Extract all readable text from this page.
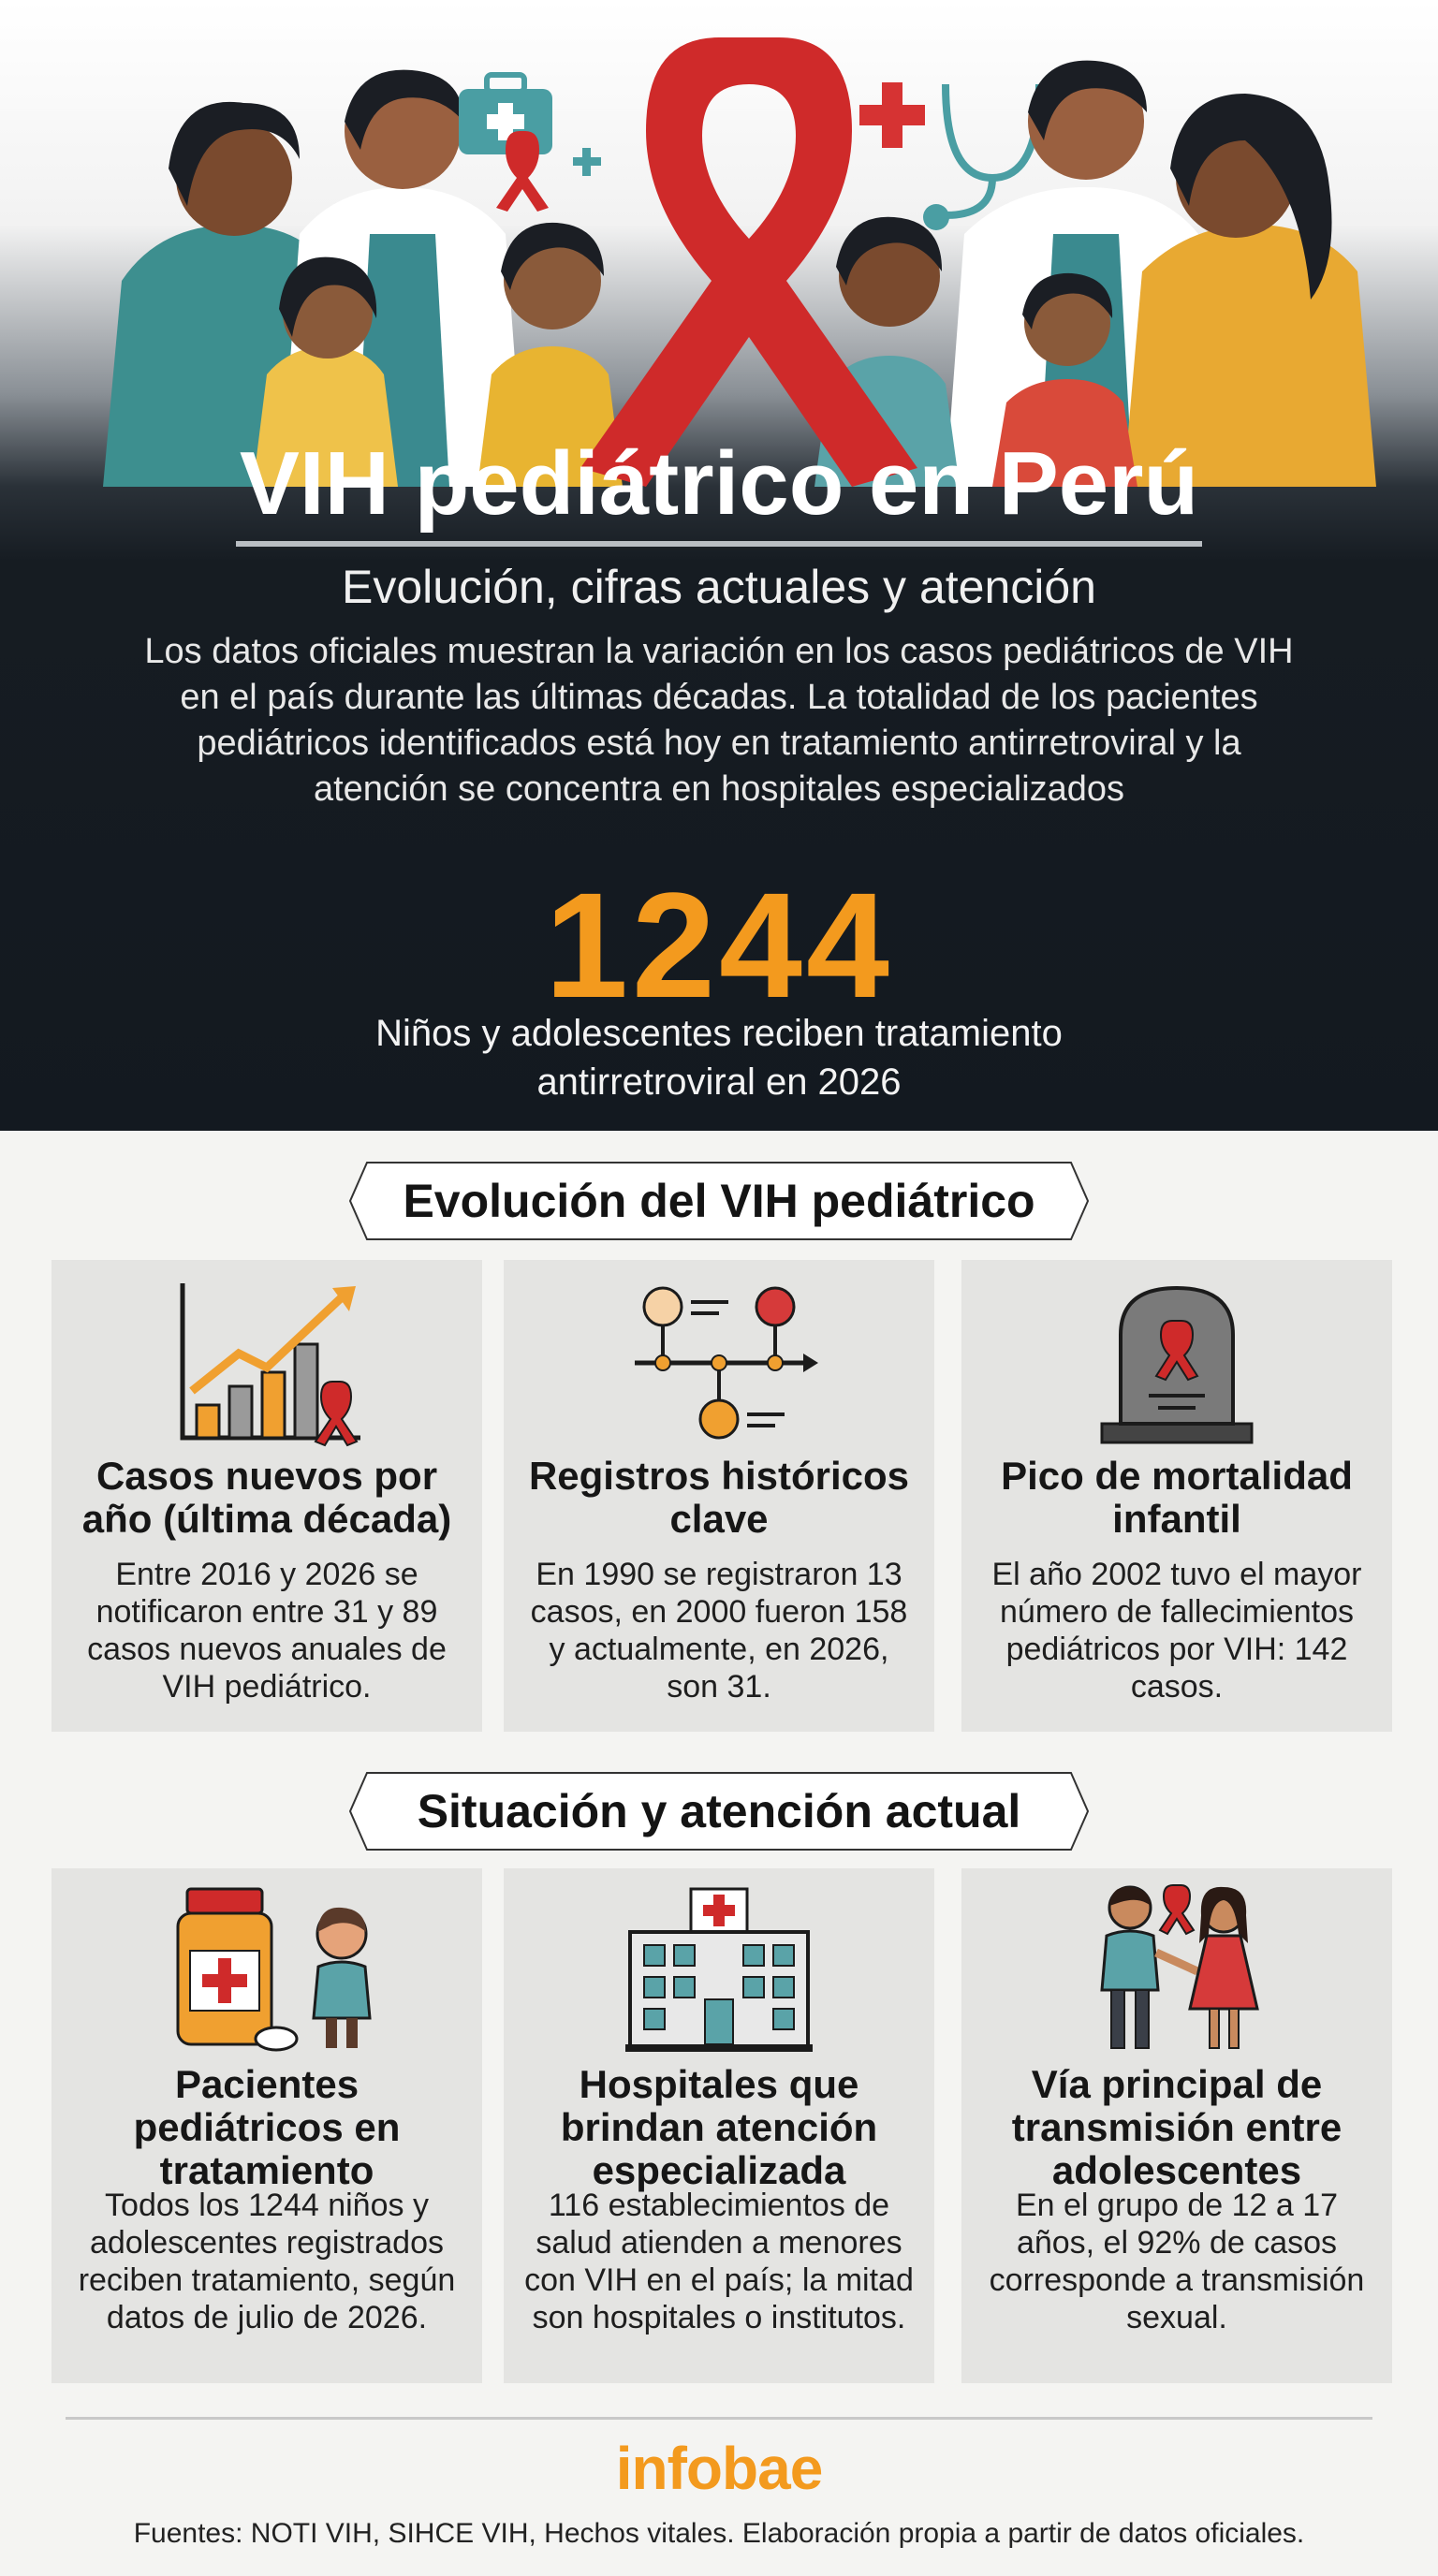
VIH pediátrico en Perú
Evolución, cifras actuales y atención
Los datos oficiales muestran la variación en los casos pediátricos de VIH en el país durante las últimas décadas. La totalidad de los pacientes pediátricos identificados está hoy en tratamiento antirretroviral y la atención se concentra en hospitales especializados
1244
Niños y adolescentes reciben tratamiento antirretroviral en 2026
Evolución del VIH pediátrico
Casos nuevos por año (última década)
Entre 2016 y 2026 se notificaron entre 31 y 89 casos nuevos anuales de VIH pediátrico.
Registros históricos clave
En 1990 se registraron 13 casos, en 2000 fueron 158 y actualmente, en 2026, son 31.
Pico de mortalidad infantil
El año 2002 tuvo el mayor número de fallecimientos pediátricos por VIH: 142 casos.
Situación y atención actual
Pacientes pediátricos en tratamiento
Todos los 1244 niños y adolescentes registrados reciben tratamiento, según datos de julio de 2026.
Hospitales que brindan atención especializada
116 establecimientos de salud atienden a menores con VIH en el país; la mitad son hospitales o institutos.
Vía principal de transmisión entre adolescentes
En el grupo de 12 a 17 años, el 92% de casos corresponde a transmisión sexual.
infobae
Fuentes: NOTI VIH, SIHCE VIH, Hechos vitales. Elaboración propia a partir de datos oficiales.
